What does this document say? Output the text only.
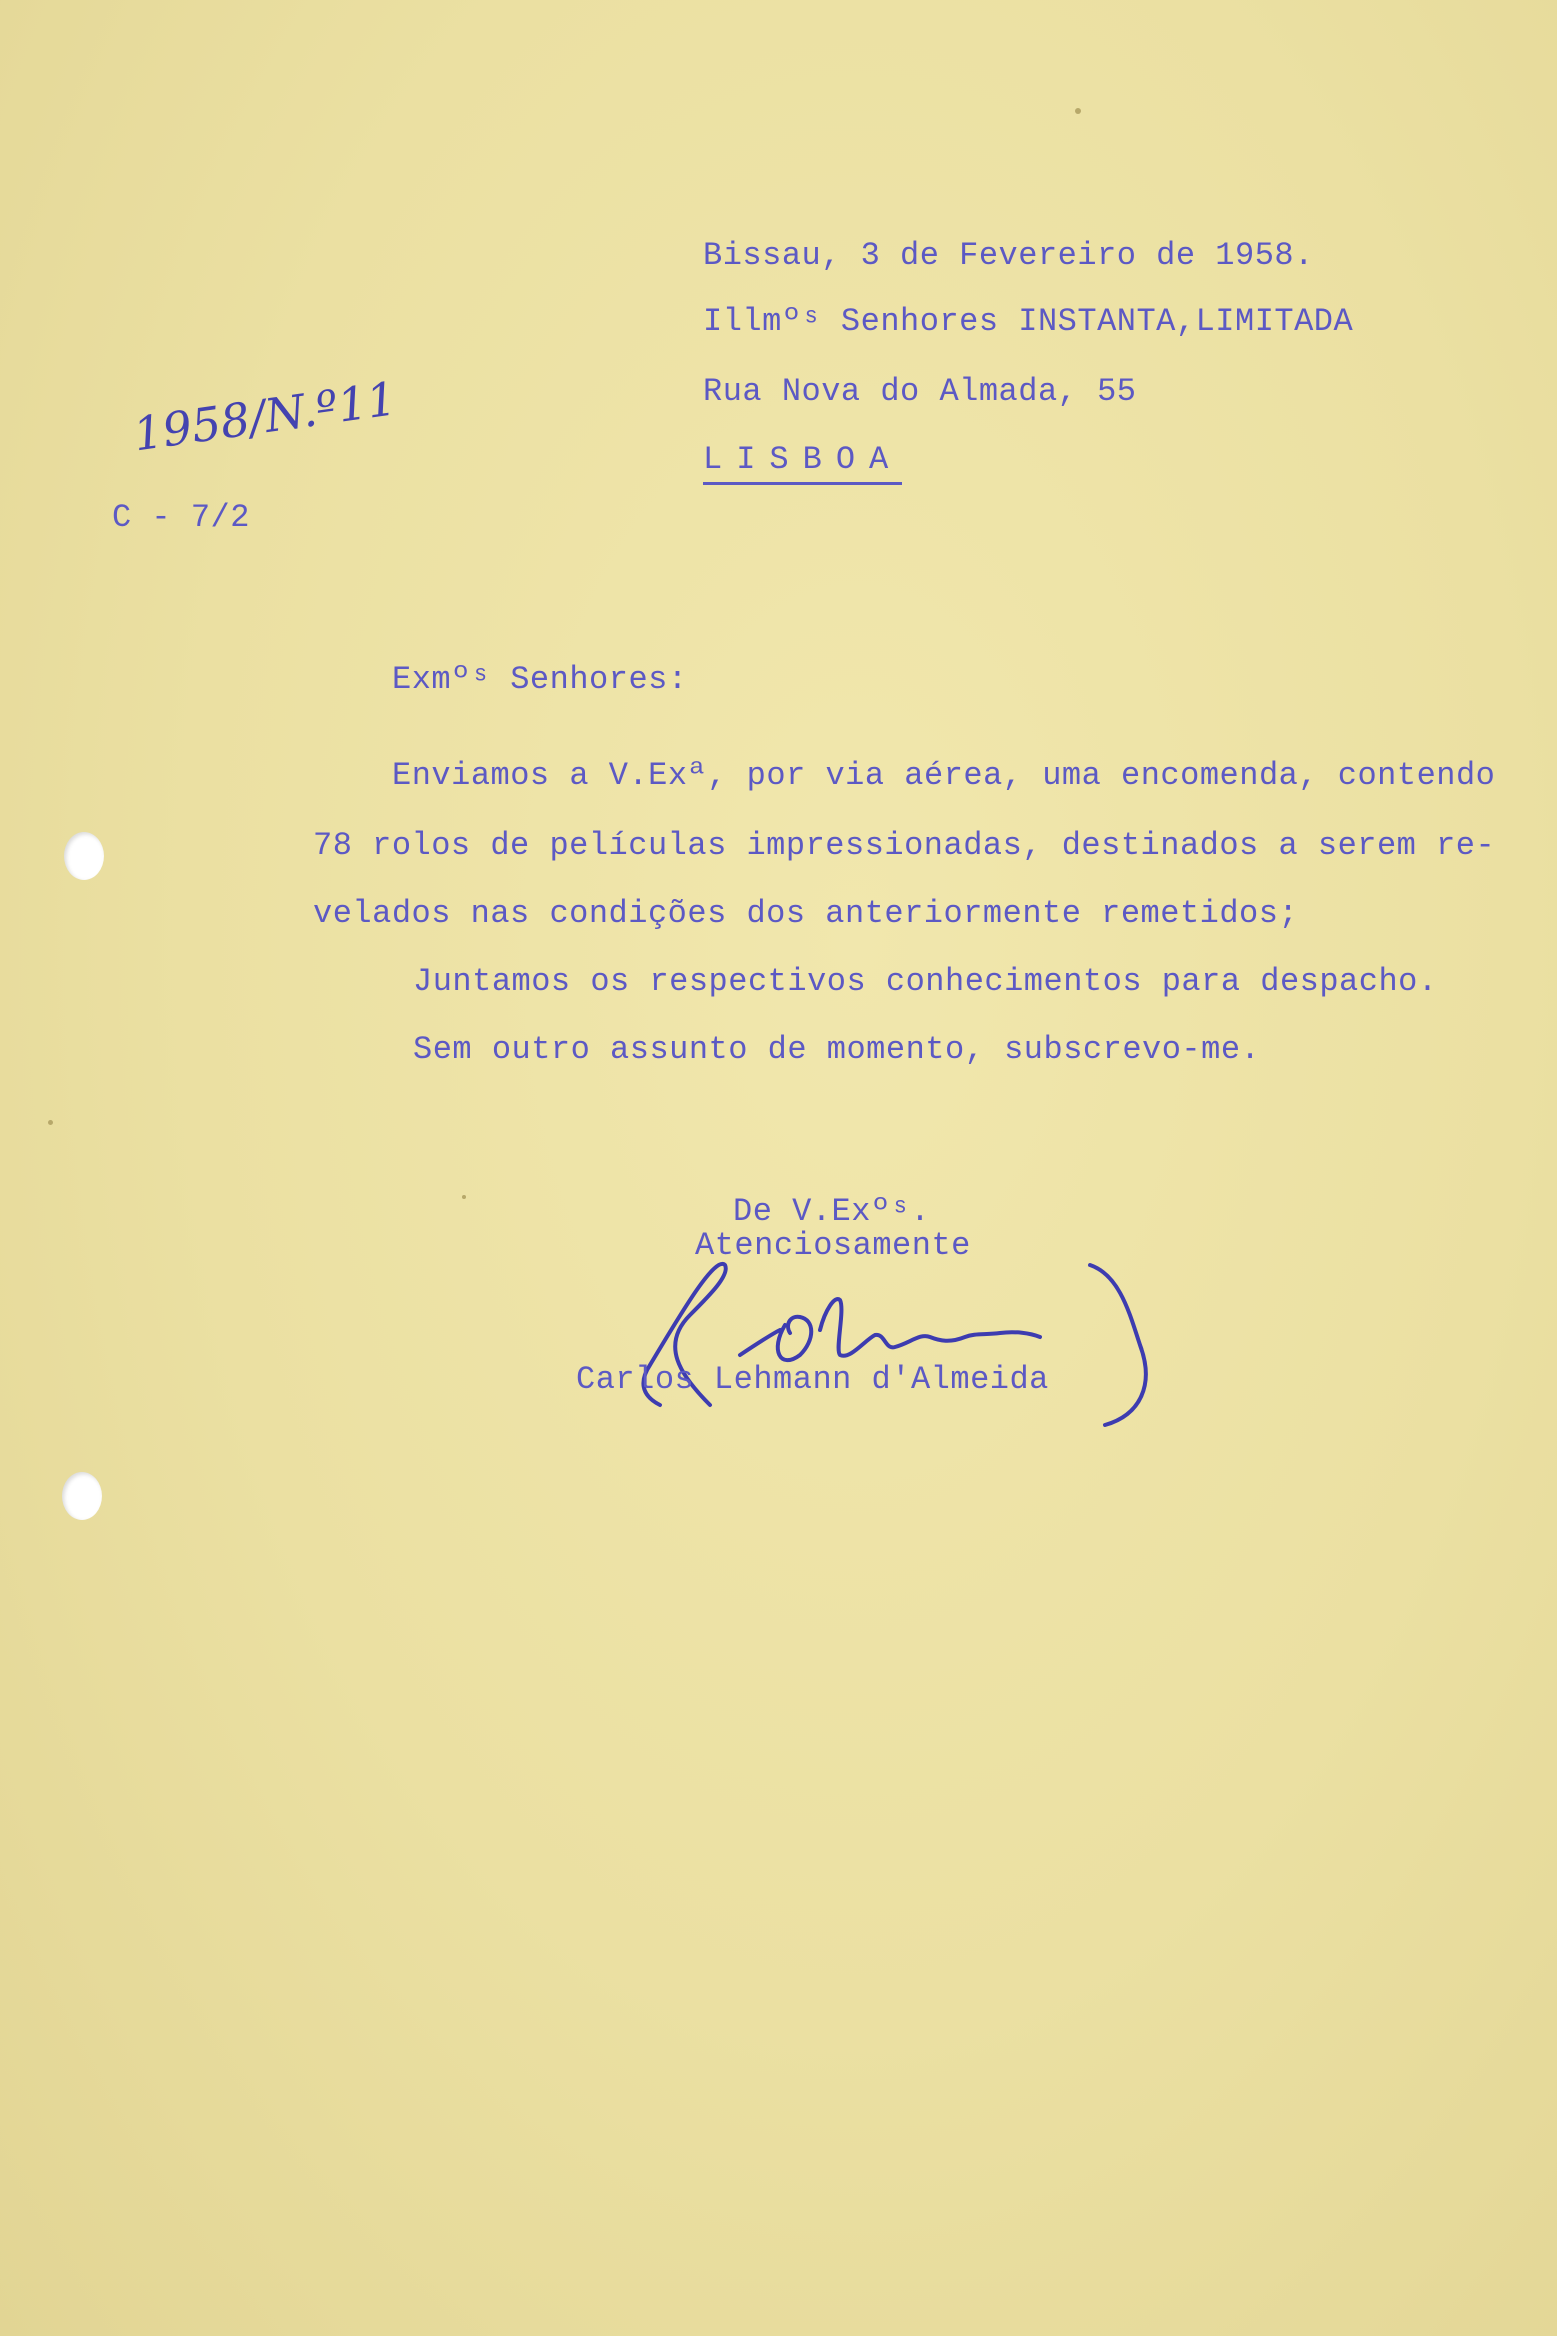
Bissau, 3 de Fevereiro de 1958.
Illmºˢ Senhores INSTANTA,LIMITADA
Rua Nova do Almada, 55
LISBOA
1958/N.º11
C - 7/2
Exmºˢ Senhores:
Enviamos a V.Exª, por via aérea, uma encomenda, contendo
78 rolos de películas impressionadas, destinados a serem re-
velados nas condições dos anteriormente remetidos;
Juntamos os respectivos conhecimentos para despacho.
Sem outro assunto de momento, subscrevo-me.
De V.Exºˢ.
Atenciosamente
Carlos Lehmann d'Almeida
